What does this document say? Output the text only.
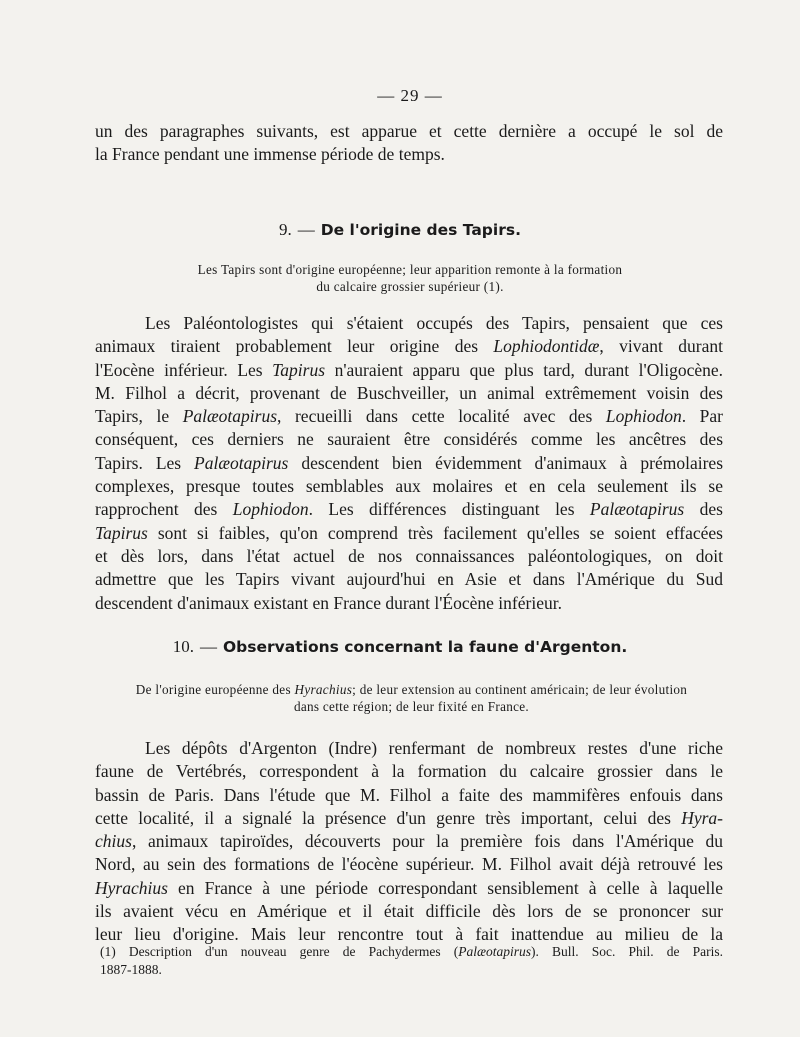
— 29 —
un des paragraphes suivants, est apparue et cette dernière a occupé le sol de
la France pendant une immense période de temps.
9. — De l'origine des Tapirs.
Les Tapirs sont d'origine européenne; leur apparition remonte à la formation
du calcaire grossier supérieur (1).
Les Paléontologistes qui s'étaient occupés des Tapirs, pensaient que ces
animaux tiraient probablement leur origine des Lophiodontidæ, vivant durant
l'Eocène inférieur. Les Tapirus n'auraient apparu que plus tard, durant l'Oligocène.
M. Filhol a décrit, provenant de Buschveiller, un animal extrêmement voisin des
Tapirs, le Palæotapirus, recueilli dans cette localité avec des Lophiodon. Par
conséquent, ces derniers ne sauraient être considérés comme les ancêtres des
Tapirs. Les Palæotapirus descendent bien évidemment d'animaux à prémolaires
complexes, presque toutes semblables aux molaires et en cela seulement ils se
rapprochent des Lophiodon. Les différences distinguant les Palæotapirus des
Tapirus sont si faibles, qu'on comprend très facilement qu'elles se soient effacées
et dès lors, dans l'état actuel de nos connaissances paléontologiques, on doit
admettre que les Tapirs vivant aujourd'hui en Asie et dans l'Amérique du Sud
descendent d'animaux existant en France durant l'Éocène inférieur.
10. — Observations concernant la faune d'Argenton.
De l'origine européenne des Hyrachius; de leur extension au continent américain; de leur évolution
dans cette région; de leur fixité en France.
Les dépôts d'Argenton (Indre) renfermant de nombreux restes d'une riche
faune de Vertébrés, correspondent à la formation du calcaire grossier dans le
bassin de Paris. Dans l'étude que M. Filhol a faite des mammifères enfouis dans
cette localité, il a signalé la présence d'un genre très important, celui des Hyra-
chius, animaux tapiroïdes, découverts pour la première fois dans l'Amérique du
Nord, au sein des formations de l'éocène supérieur. M. Filhol avait déjà retrouvé les
Hyrachius en France à une période correspondant sensiblement à celle à laquelle
ils avaient vécu en Amérique et il était difficile dès lors de se prononcer sur
leur lieu d'origine. Mais leur rencontre tout à fait inattendue au milieu de la
(1) Description d'un nouveau genre de Pachydermes (Palæotapirus). Bull. Soc. Phil. de Paris.
1887-1888.
